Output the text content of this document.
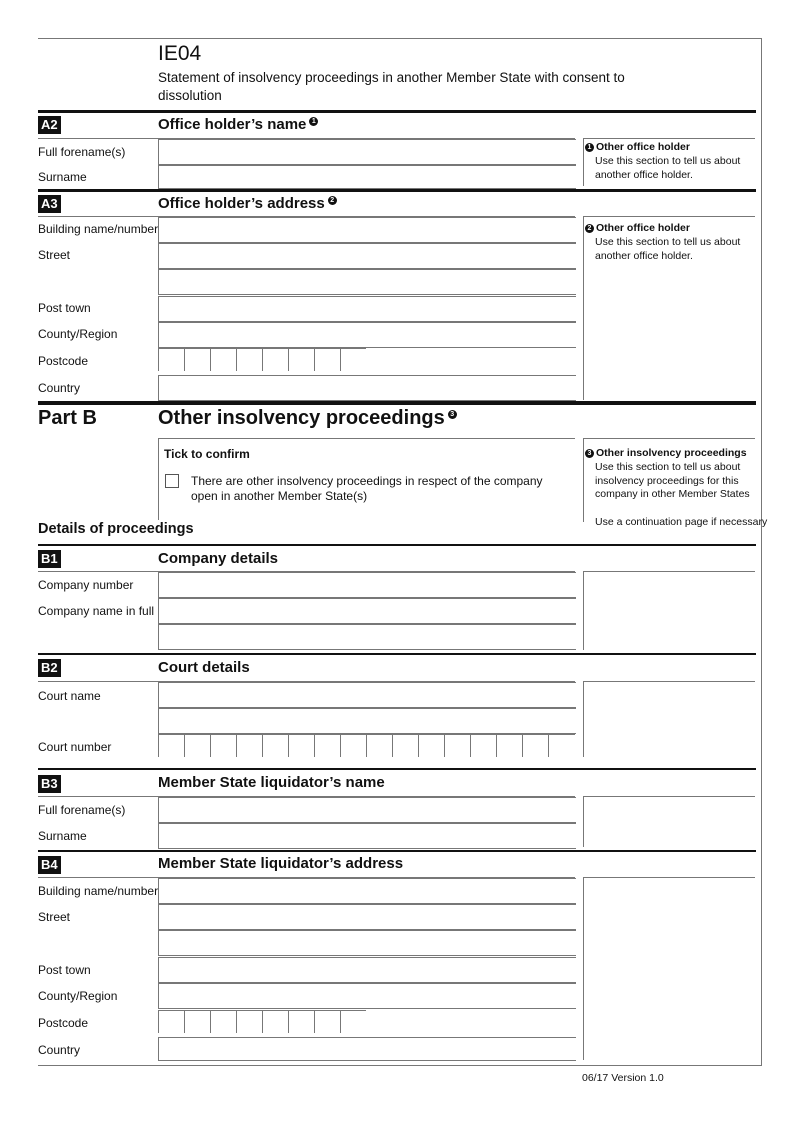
IE04
Statement of insolvency proceedings in another Member State with consent to dissolution
A2	Office holder’s name 1
Full forename(s)
Surname
1 Other office holder
Use this section to tell us about another office holder.
A3	Office holder’s address 2
Building name/number
Street
Post town
County/Region
Postcode
Country
2 Other office holder
Use this section to tell us about another office holder.
Part B	Other insolvency proceedings 3
Tick to confirm
There are other insolvency proceedings in respect of the company open in another Member State(s)
3 Other insolvency proceedings
Use this section to tell us about insolvency proceedings for this company in other Member States
Use a continuation page if necessary
Details of proceedings
B1	Company details
Company number
Company name in full
B2	Court details
Court name
Court number
B3	Member State liquidator’s name
Full forename(s)
Surname
B4	Member State liquidator’s address
Building name/number
Street
Post town
County/Region
Postcode
Country
06/17 Version 1.0
